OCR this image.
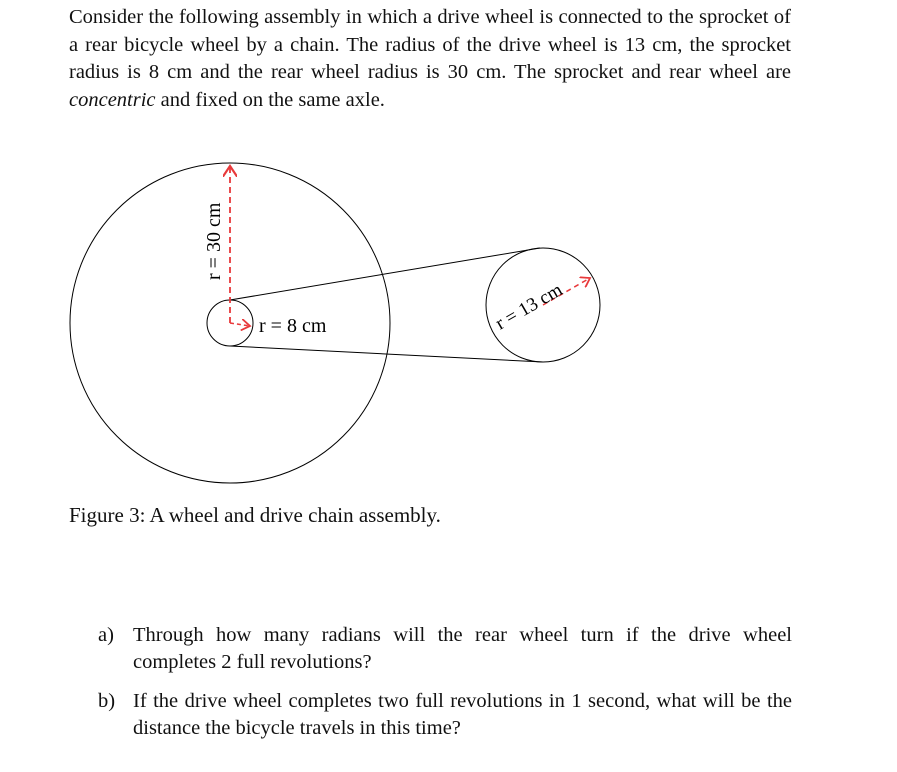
Consider the following assembly in which a drive wheel is connected to the sprocket of a rear bicycle wheel by a chain. The radius of the drive wheel is 13 cm, the sprocket radius is 8 cm and the rear wheel radius is 30 cm. The sprocket and rear wheel are concentric and fixed on the same axle.

r = 30 cm
r = 8 cm	r = 13 cm

Figure 3: A wheel and drive chain assembly.

a) Through how many radians will the rear wheel turn if the drive wheel completes 2 full revolutions?
b) If the drive wheel completes two full revolutions in 1 second, what will be the distance the bicycle travels in this time?
